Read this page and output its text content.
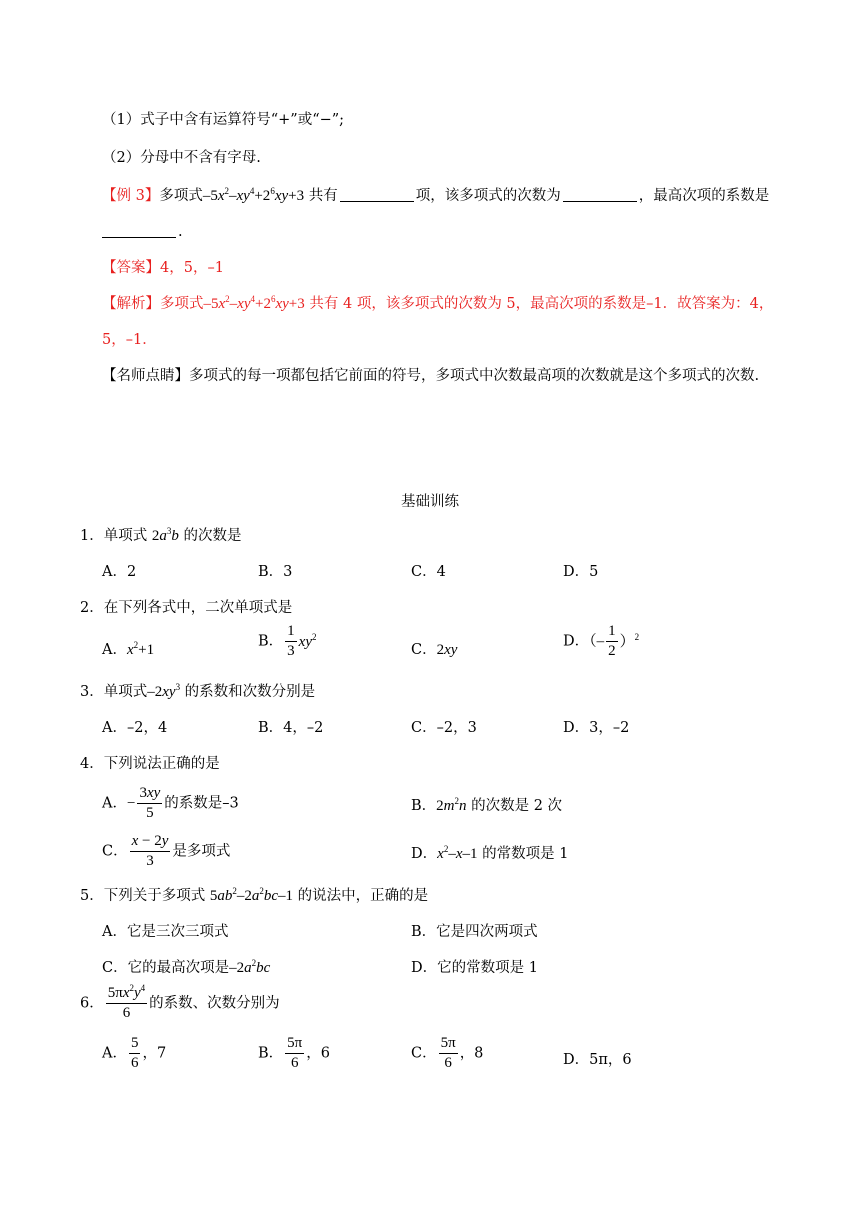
（1）式子中含有运算符号“+”或“−”;
（2）分母中不含有字母.
【例 3】多项式$-5x^2-xy^4+2^6xy+3$ 共有	项，该多项式的次数为	，最高次项的系数是
.
【答案】4，5，–1
【解析】多项式$-5x^2-xy^4+2^6xy+3$ 共有 4 项，该多项式的次数为 5，最高次项的系数是–1．故答案为：4，
5，–1．
【名师点睛】多项式的每一项都包括它前面的符号，多项式中次数最高项的次数就是这个多项式的次数.
基础训练
1．单项式 $2a^3b$ 的次数是
A．2	B．3	C．4	D．5
2．在下列各式中，二次单项式是
A．$x^2+1$
B． $\frac{1}{3} xy^2$
C．2xy
D．（– $\frac{1}{2} )^2$
3．单项式$-2xy^3$ 的系数和次数分别是
A．–2，4	B．4，–2	C．–2，3	D．3，–2
4．下列说法正确的是
A．− $\frac{3xy}{5}$ 的系数是–3	B．$2m^2n$ 的次数是 2 次
C． $\frac{x - 2y}{3}$ 是多项式	D．$x^2-x-1$ 的常数项是 1
5．下列关于多项式 $5ab^2-2a^2bc-1$ 的说法中，正确的是
A．它是三次三项式	B．它是四次两项式
C．它的最高次项是$-2a^2bc$	D．它的常数项是 1
6． $\frac{5\pi x^2y^4}{6}$ 的系数、次数分别为
A． $\frac{5}{6}$ ，7	B． $\frac{5\pi}{6}$ ，6	C． $\frac{5\pi}{6}$ ，8	D．5π，6
